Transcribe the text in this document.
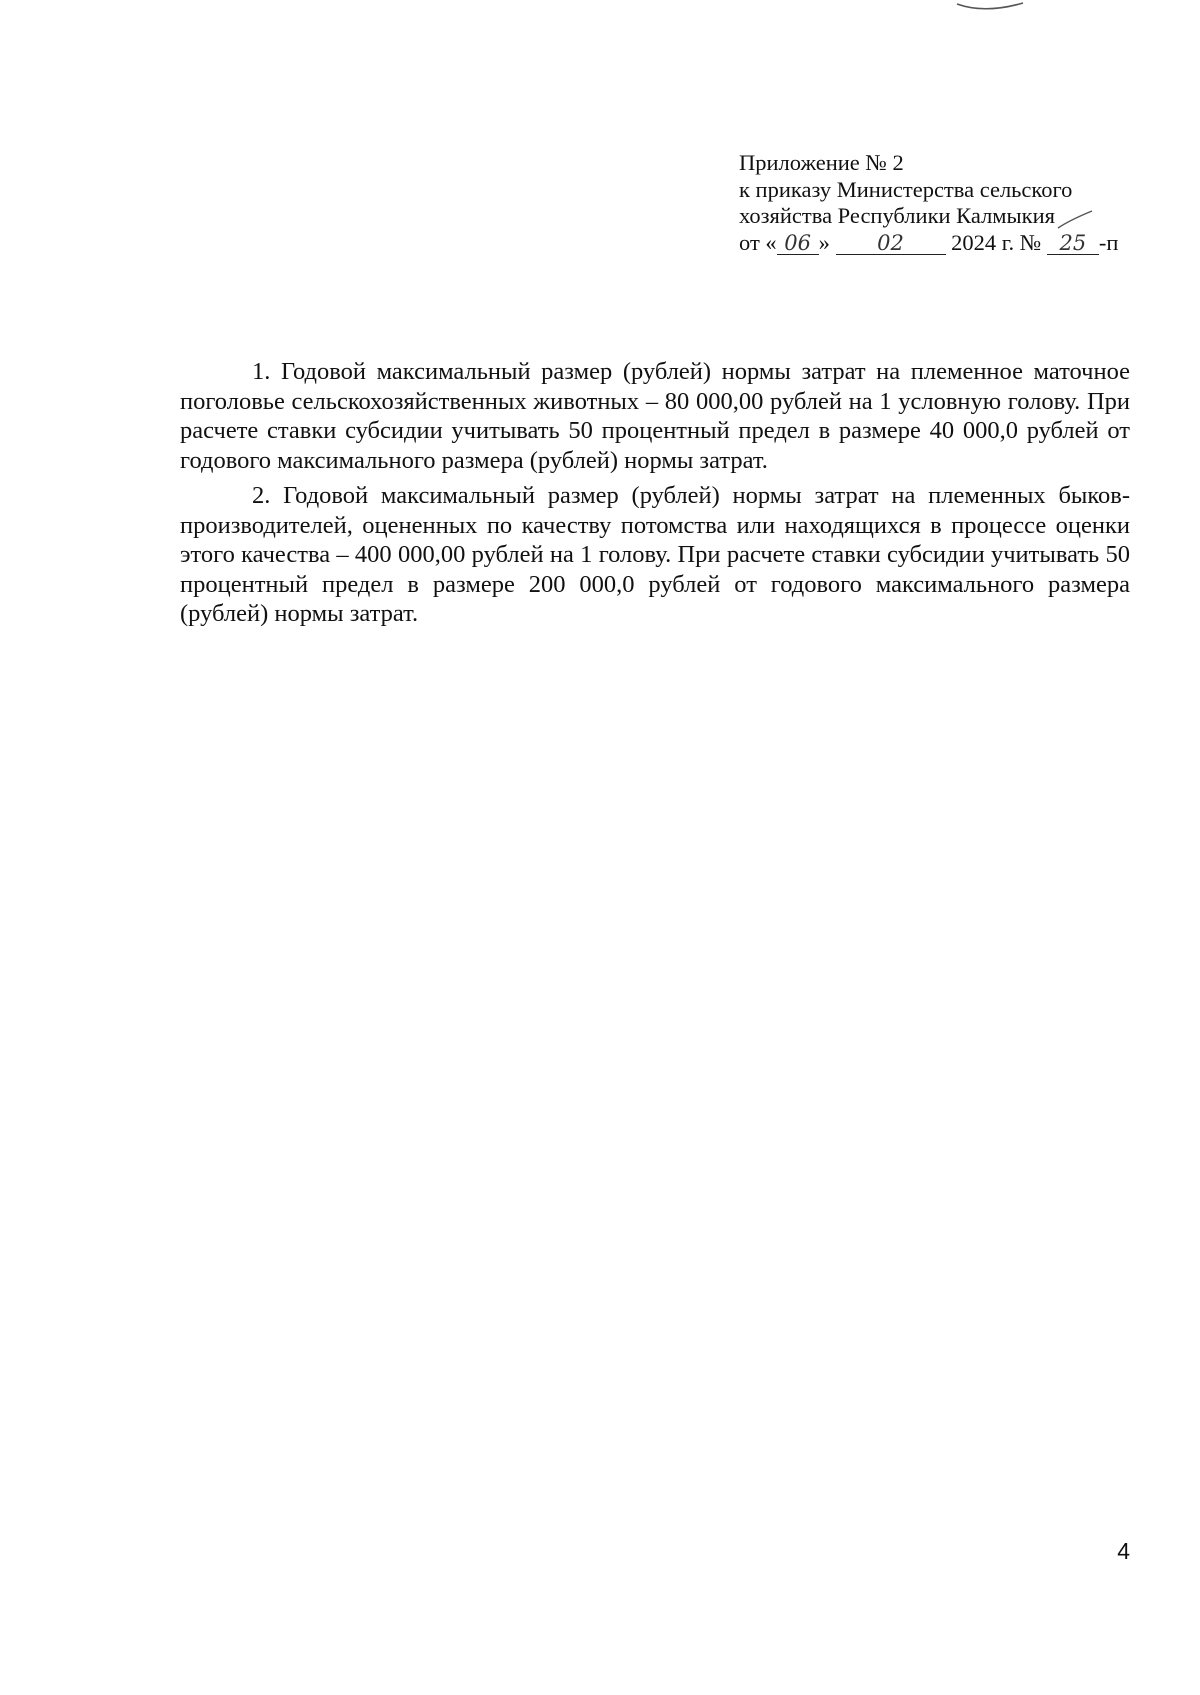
Приложение № 2
к приказу Министерства сельского
хозяйства Республики Калмыкия
от « 06 » 02 2024 г. № 25 -п

1. Годовой максимальный размер (рублей) нормы затрат на племенное маточное поголовье сельскохозяйственных животных – 80 000,00 рублей на 1 условную голову. При расчете ставки субсидии учитывать 50 процентный предел в размере 40 000,0 рублей от годового максимального размера (рублей) нормы затрат.

2. Годовой максимальный размер (рублей) нормы затрат на племенных быков-производителей, оцененных по качеству потомства или находящихся в процессе оценки этого качества – 400 000,00 рублей на 1 голову. При расчете ставки субсидии учитывать 50 процентный предел в размере 200 000,0 рублей от годового максимального размера (рублей) нормы затрат.

4
